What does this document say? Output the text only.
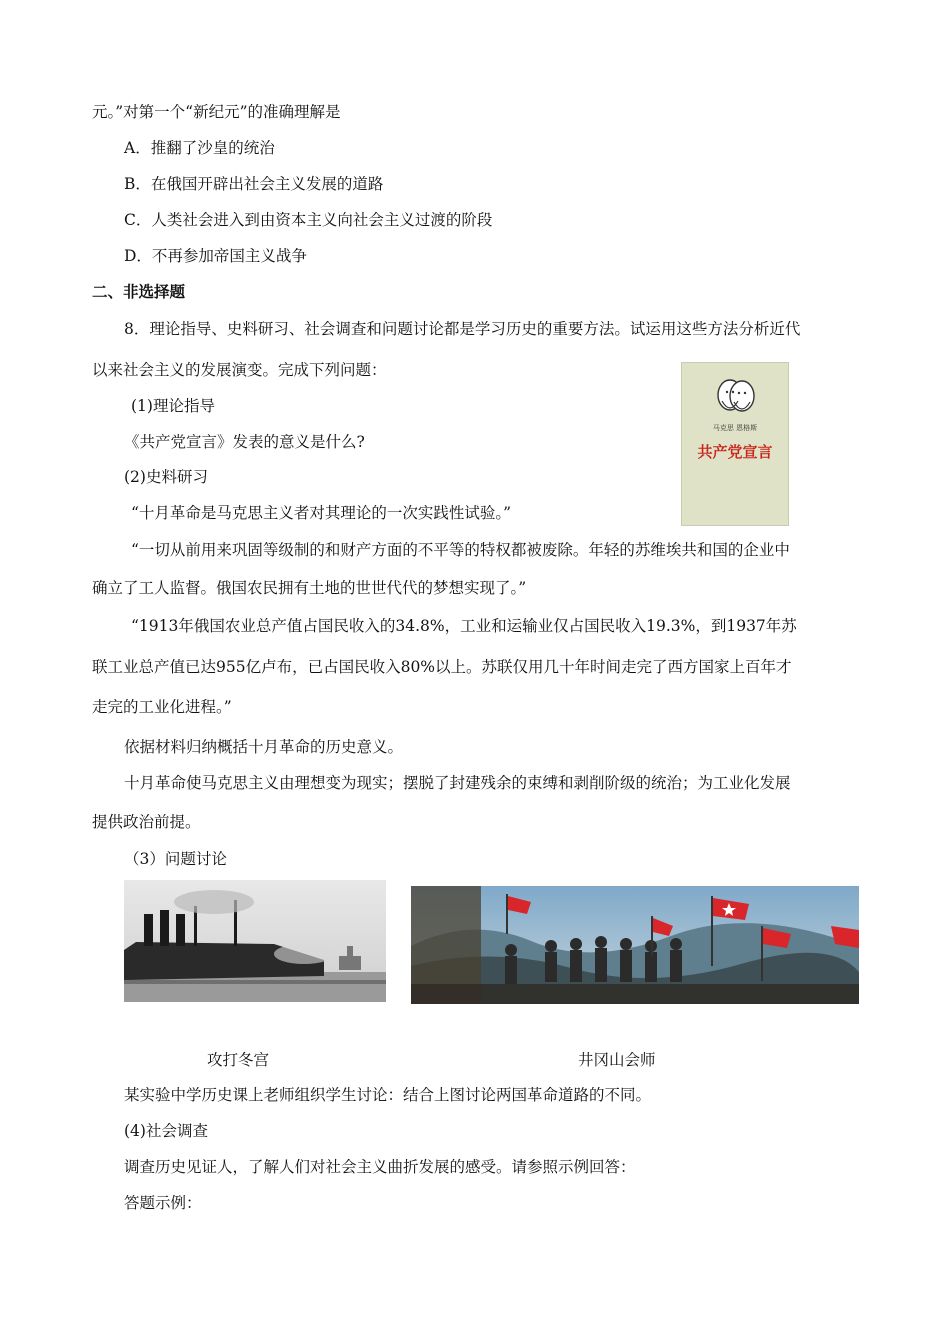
元。”对第一个“新纪元”的准确理解是
A．推翻了沙皇的统治
B．在俄国开辟出社会主义发展的道路
C．人类社会进入到由资本主义向社会主义过渡的阶段
D．不再参加帝国主义战争
二、非选择题
8．理论指导、史料研习、社会调查和问题讨论都是学习历史的重要方法。试运用这些方法分析近代
以来社会主义的发展演变。完成下列问题：
(1)理论指导
《共产党宣言》发表的意义是什么?
(2)史料研习
“十月革命是马克思主义者对其理论的一次实践性试验。”
“一切从前用来巩固等级制的和财产方面的不平等的特权都被废除。年轻的苏维埃共和国的企业中
确立了工人监督。俄国农民拥有土地的世世代代的梦想实现了。”
“1913年俄国农业总产值占国民收入的34.8%，工业和运输业仅占国民收入19.3%，到1937年苏
联工业总产值已达955亿卢布，已占国民收入80%以上。苏联仅用几十年时间走完了西方国家上百年才
走完的工业化进程。”
依据材料归纳概括十月革命的历史意义。
十月革命使马克思主义由理想变为现实；摆脱了封建残余的束缚和剥削阶级的统治；为工业化发展
提供政治前提。
（3）问题讨论
马克思 恩格斯
共产党宣言
攻打冬宫	井冈山会师
某实验中学历史课上老师组织学生讨论：结合上图讨论两国革命道路的不同。
(4)社会调查
调查历史见证人，了解人们对社会主义曲折发展的感受。请参照示例回答：
答题示例：
